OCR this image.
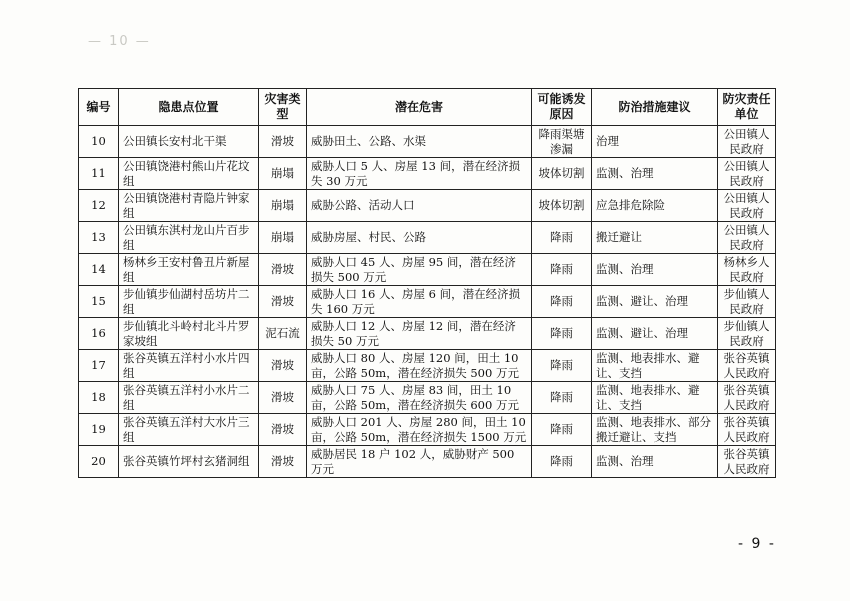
— 10 —
编号	隐患点位置	灾害类型	潜在危害	可能诱发原因	防治措施建议	防灾责任单位
10	公田镇长安村北干渠	滑坡	威胁田土、公路、水渠	降雨渠塘渗漏	治理	公田镇人民政府
11	公田镇饶港村熊山片花坟组	崩塌	威胁人口 5 人、房屋 13 间，潜在经济损失 30 万元	坡体切割	监测、治理	公田镇人民政府
12	公田镇饶港村青隐片钟家组	崩塌	威胁公路、活动人口	坡体切割	应急排危除险	公田镇人民政府
13	公田镇东淇村龙山片百步组	崩塌	威胁房屋、村民、公路	降雨	搬迁避让	公田镇人民政府
14	杨林乡王安村鲁丑片新屋组	滑坡	威胁人口 45 人、房屋 95 间，潜在经济损失 500 万元	降雨	监测、治理	杨林乡人民政府
15	步仙镇步仙湖村岳坊片二组	滑坡	威胁人口 16 人、房屋 6 间，潜在经济损失 160 万元	降雨	监测、避让、治理	步仙镇人民政府
16	步仙镇北斗岭村北斗片罗家坡组	泥石流	威胁人口 12 人、房屋 12 间，潜在经济损失 50 万元	降雨	监测、避让、治理	步仙镇人民政府
17	张谷英镇五洋村小水片四组	滑坡	威胁人口 80 人、房屋 120 间，田土 10 亩，公路 50m，潜在经济损失 500 万元	降雨	监测、地表排水、避让、支挡	张谷英镇人民政府
18	张谷英镇五洋村小水片二组	滑坡	威胁人口 75 人、房屋 83 间，田土 10 亩，公路 50m，潜在经济损失 600 万元	降雨	监测、地表排水、避让、支挡	张谷英镇人民政府
19	张谷英镇五洋村大水片三组	滑坡	威胁人口 201 人、房屋 280 间，田土 10 亩，公路 50m，潜在经济损失 1500 万元	降雨	监测、地表排水、部分搬迁避让、支挡	张谷英镇人民政府
20	张谷英镇竹坪村玄猪洞组	滑坡	威胁居民 18 户 102 人，威胁财产 500 万元	降雨	监测、治理	张谷英镇人民政府
- 9 -
